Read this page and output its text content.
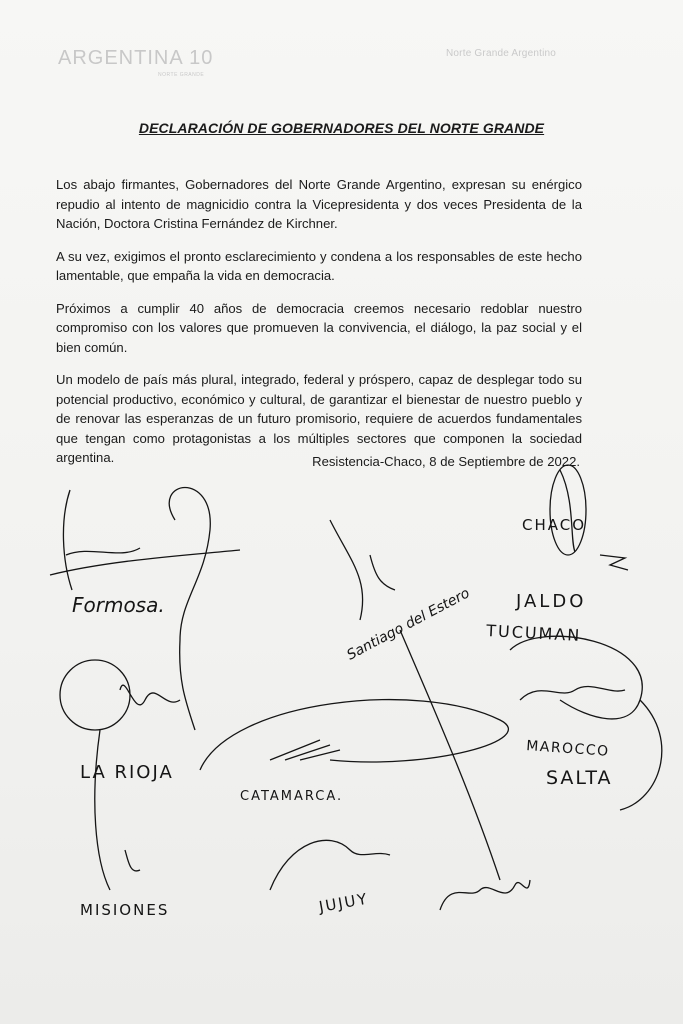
ARGENTINA 10
NORTE GRANDE
Norte Grande Argentino
DECLARACIÓN DE GOBERNADORES DEL NORTE GRANDE

Los abajo firmantes, Gobernadores del Norte Grande Argentino, expresan su enérgico repudio al intento de magnicidio contra la Vicepresidenta y dos veces Presidenta de la Nación, Doctora Cristina Fernández de Kirchner.

A su vez, exigimos el pronto esclarecimiento y condena a los responsables de este hecho lamentable, que empaña la vida en democracia.

Próximos a cumplir 40 años de democracia creemos necesario redoblar nuestro compromiso con los valores que promueven la convivencia, el diálogo, la paz social y el bien común.

Un modelo de país más plural, integrado, federal y próspero, capaz de desplegar todo su potencial productivo, económico y cultural, de garantizar el bienestar de nuestro pueblo y de renovar las esperanzas de un futuro promisorio, requiere de acuerdos fundamentales que tengan como protagonistas a los múltiples sectores que componen la sociedad argentina.	Resistencia-Chaco, 8 de Septiembre de 2022.
Formosa.
CHACO
Santiago del Estero JALDO
TUCUMAN
LA RIOJA
MAROCCO
SALTA
CATAMARCA.
JUJUY
MISIONES
